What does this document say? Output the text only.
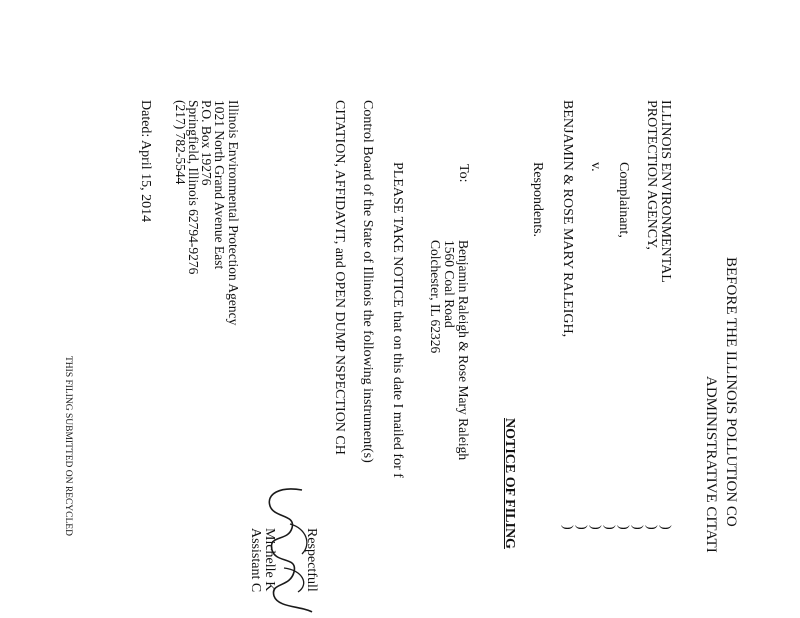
BEFORE THE ILLINOIS POLLUTION CO
ADMINISTRATIVE CITATI
ILLINOIS ENVIRONMENTAL
PROTECTION AGENCY,
Complainant,
v.
BENJAMIN & ROSE MARY RALEIGH,
Respondents.
)
)
)
)
)
)
)
)
NOTICE OF FILING
To:
Benjamin Raleigh & Rose Mary Raleigh
1560 Coal Road
Colchester, IL 62326
PLEASE TAKE NOTICE that on this date I mailed for f
Control Board of the State of Illinois the following instrument(s)
CITATION, AFFIDAVIT, and OPEN DUMP NSPECTION CH
Respectfull
Michelle K
Assistant C
Illinois Environmental Protection Agency
1021 North Grand Avenue East
P.O. Box 19276
Springfield, Illinois 62794-9276
(217) 782-5544
Dated: April 15, 2014
THIS FILING SUBMITTED ON RECYCLED
